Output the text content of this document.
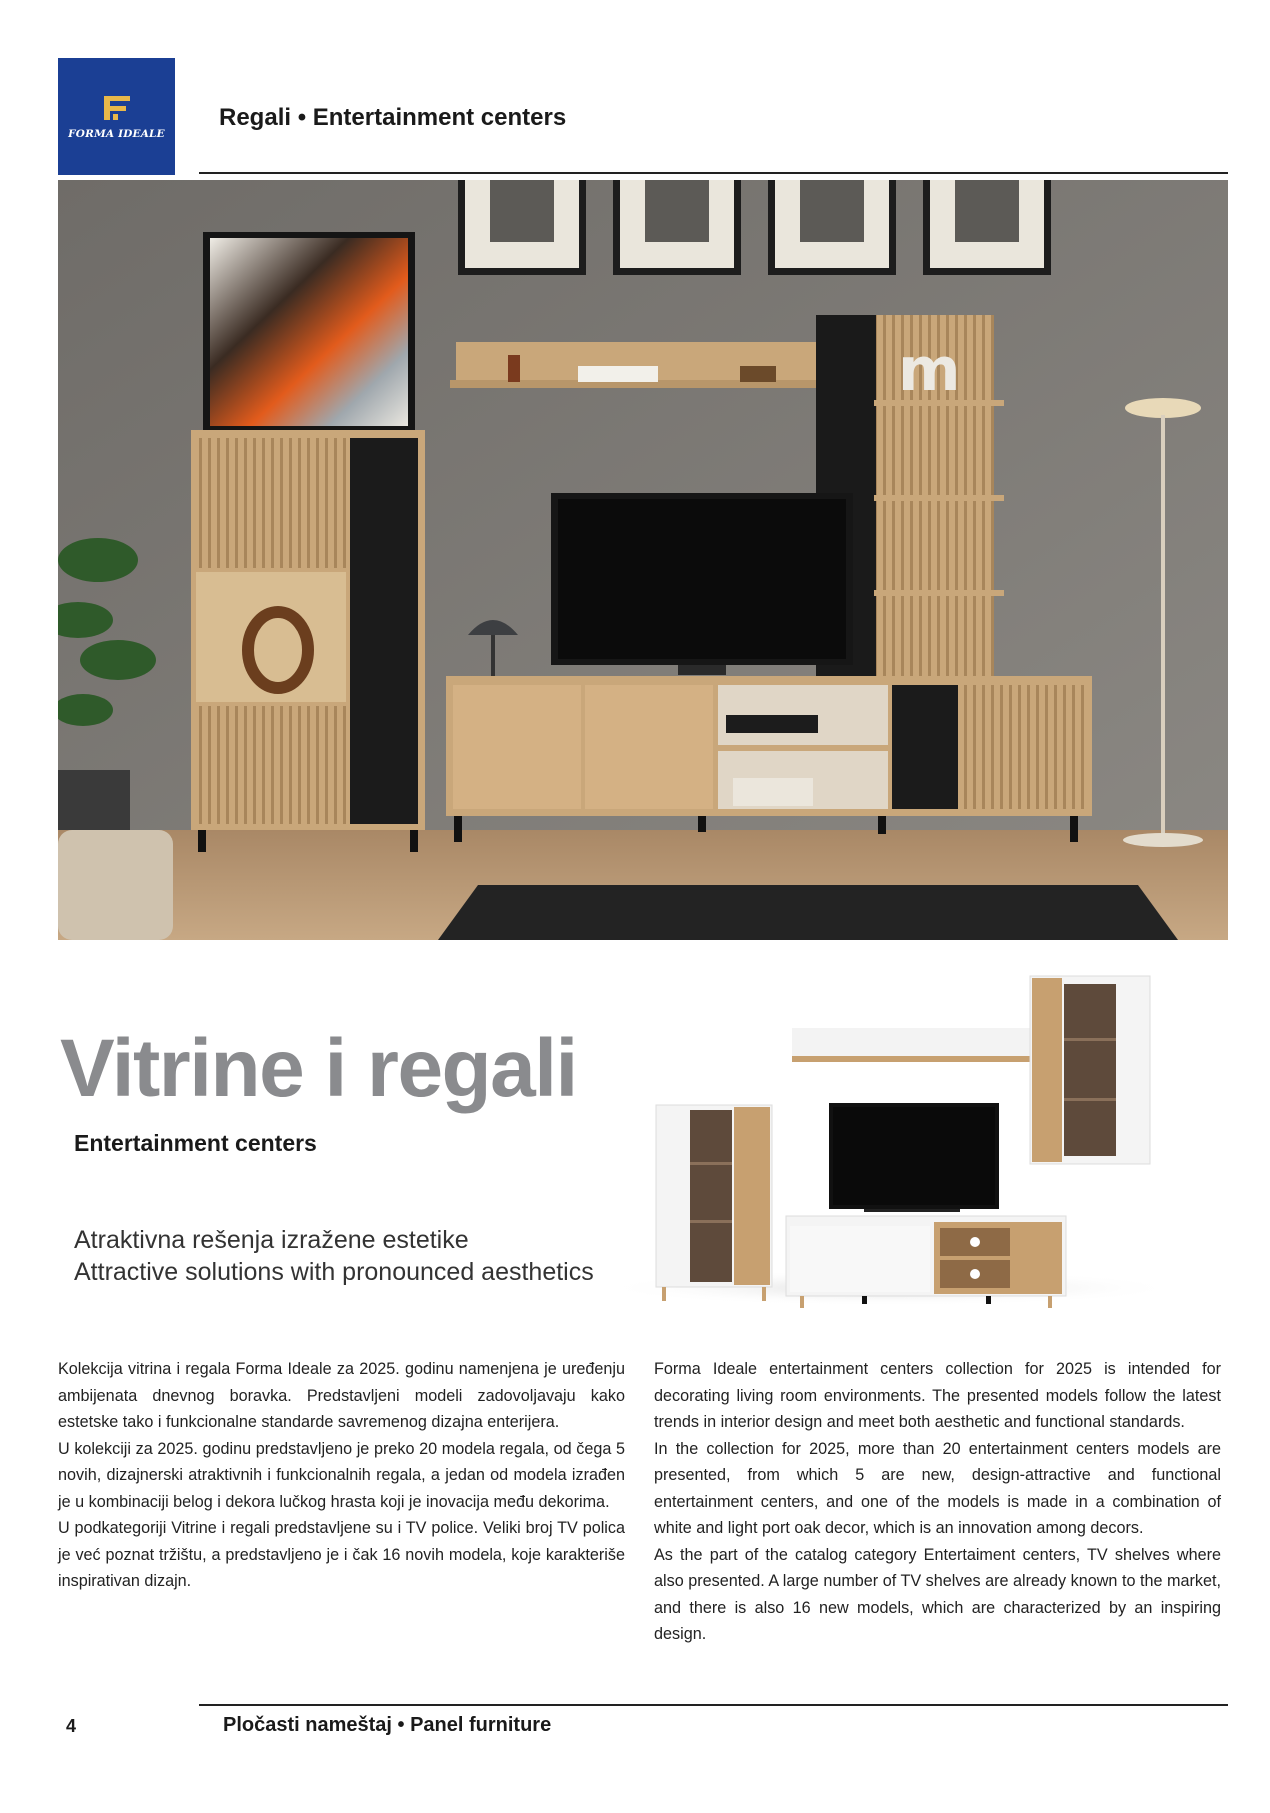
FORMA IDEALE
Regali • Entertainment centers
m
Vitrine i regali
Entertainment centers
Atraktivna rešenja izražene estetike
Attractive solutions with pronounced aesthetics

Kolekcija vitrina i regala Forma Ideale za 2025. godinu namenjena je uređenju ambijenata dnevnog boravka. Predstavljeni modeli zadovoljavaju kako estetske tako i funkcionalne standarde savremenog dizajna enterijera.

U kolekciji za 2025. godinu predstavljeno je preko 20 modela regala, od čega 5 novih, dizajnerski atraktivnih i funkcionalnih regala, a jedan od modela izrađen je u kombinaciji belog i dekora lučkog hrasta koji je inovacija među dekorima.

U podkategoriji Vitrine i regali predstavljene su i TV police. Veliki broj TV polica je već poznat tržištu, a predstavljeno je i čak 16 novih modela, koje karakteriše inspirativan dizajn.

Forma Ideale entertainment centers collection for 2025 is intended for decorating living room environments. The presented models follow the latest trends in interior design and meet both aesthetic and functional standards.

In the collection for 2025, more than 20 entertainment centers models are presented, from which 5 are new, design-attractive and functional entertainment centers, and one of the models is made in a combination of white and light port oak decor, which is an innovation among decors.

As the part of the catalog category Entertaiment centers, TV shelves where also presented. A large number of TV shelves are already known to the market, and there is also 16 new models, which are characterized by an inspiring design.

4	Pločasti nameštaj • Panel furniture
